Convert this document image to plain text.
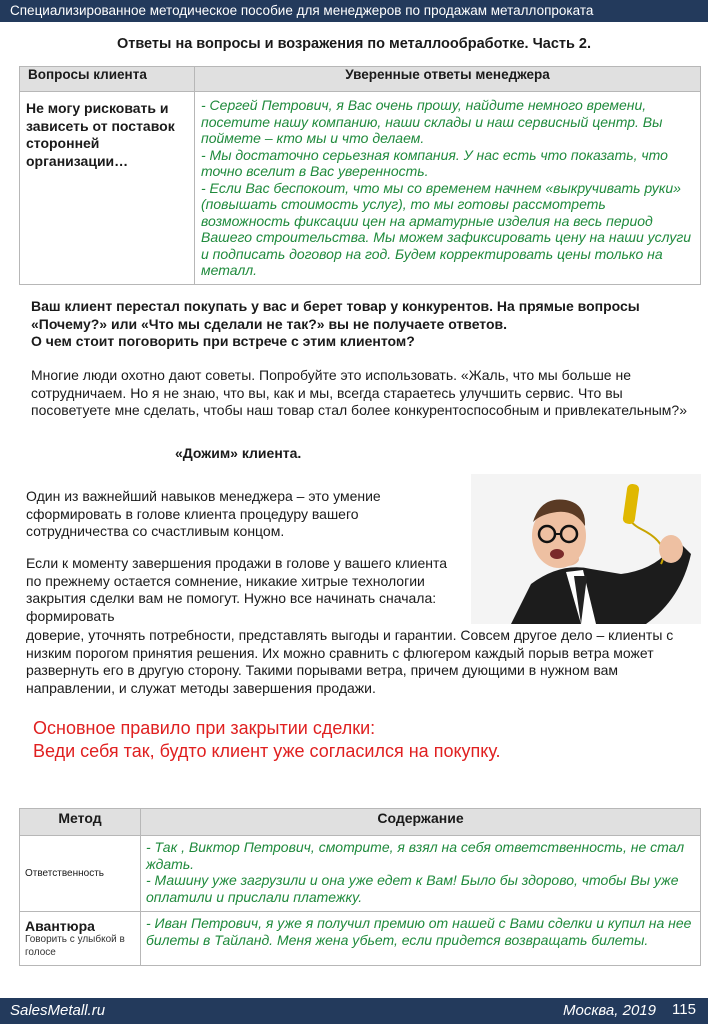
Специализированное методическое пособие для менеджеров по продажам металлопроката
Ответы на вопросы и возражения по металлообработке. Часть 2.
Вопросы клиента	Уверенные ответы менеджера
Не могу рисковать и зависеть от поставок сторонней организации…	- Сергей Петрович, я Вас очень прошу, найдите немного времени, посетите нашу компанию, наши склады и наш сервисный центр. Вы поймете – кто мы и что делаем.

- Мы достаточно серьезная компания. У нас есть что показать, что точно вселит в Вас уверенность.

- Если Вас беспокоит, что мы со временем начнем «выкручивать руки» (повышать стоимость услуг), то мы готовы рассмотреть возможность фиксации цен на арматурные изделия на весь период Вашего строительства. Мы можем зафиксировать цену на наши услуги и подписать договор на год. Будем корректировать цены только на металл.

Ваш клиент перестал покупать у вас и берет товар у конкурентов. На прямые вопросы
«Почему?» или «Что мы сделали не так?» вы не получаете ответов.
О чем стоит поговорить при встрече с этим клиентом?
Многие люди охотно дают советы. Попробуйте это использовать. «Жаль, что мы больше не сотрудничаем. Но я не знаю, что вы, как и мы, всегда стараетесь улучшить сервис. Что вы посоветуете мне сделать, чтобы наш товар стал более конкурентоспособным и привлекательным?»
«Дожим» клиента.
Один из важнейший навыков менеджера – это умение сформировать в голове клиента процедуру вашего сотрудничества со счастливым концом.
Если к моменту завершения продажи в голове у вашего клиента по прежнему остается сомнение, никакие хитрые технологии закрытия сделки вам не помогут. Нужно все начинать сначала: формировать
доверие, уточнять потребности, представлять выгоды и гарантии. Совсем другое дело – клиенты с низким порогом принятия решения. Их можно сравнить с флюгером каждый порыв ветра может развернуть его в другую сторону. Такими порывами ветра, причем дующими в нужном вам направлении, и служат методы завершения продажи.
Основное правило при закрытии сделки:
Веди себя так, будто клиент уже согласился на покупку.
Метод	Содержание

Ответственность	- Так , Виктор Петрович, смотрите, я взял на себя ответственность, не стал ждать.

- Машину уже загрузили и она уже едет к Вам! Было бы здорово, чтобы Вы уже оплатили и прислали платежку.

Авантюра
Говорить с улыбкой в голосе	- Иван Петрович, я уже я получил премию от нашей с Вами сделки и купил на нее билеты в Тайланд. Меня жена убьет, если придется возвращать билеты.

SalesMetall.ru	Москва, 2019 115
